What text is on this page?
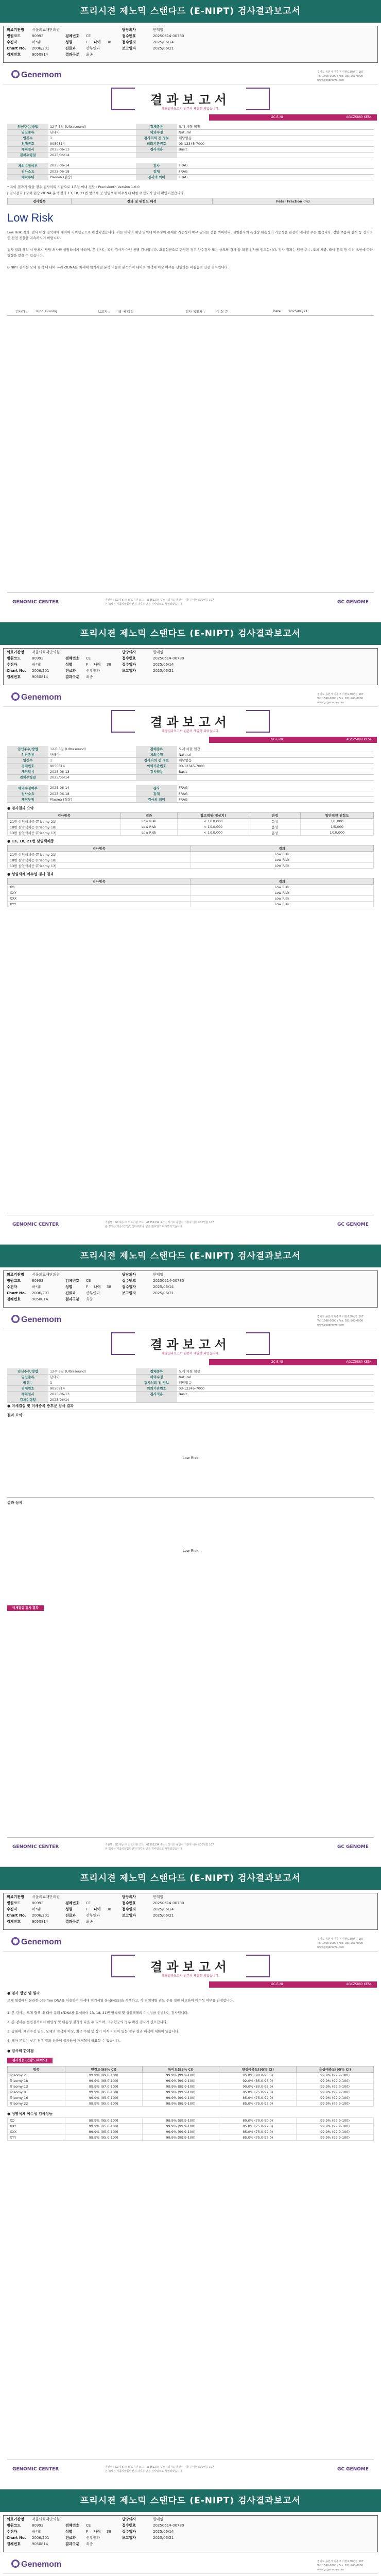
프리시젼 제노믹 스탠다드 (E-NIPT) 검사결과보고서
의료기관명 서울의료재단의원	담당의사	한태임
병원코드	80992	검체번호 CE	접수번호	20250614-00780
수진자	허*웨	성별	F 나이 38	접수일자	2025/06/14
Chart No. 2006/201	진료과	산부인과	보고일자	2025/06/21
검체번호	9050814	결과구분 최종
Genemom	경기도 용인시 기흥구 이현로30번길 107
Tel. 1566-0000 / Fax. 031-260-0900
www.gcgenome.com
결과보고서
해당결과보고서 원본이 재발행 되었습니다.
GC-E-NI	AGCZ5880 KE54
GENOMIC CENTER	기관명 : GC지놈 ㈜ 의료기관 코드 : 41351234 주소 : 경기도 용인시 기흥구 이현로30번길 107
본 검사는 식품의약품안전처 허가를 받은 검사법으로 시행되었습니다.	GC GENOME
임신주수/방법	12주 3일 (Ultrasound)	검체종류	모계 채혈 혈장
임신종류	단태아	체외수정	Natural
임신수	1	검사의뢰 전 정보	해당없음
검체번호	9050814	의뢰기관번호	03-12345-7000
채취일시	2025-06-13	검사적용	Basic
검체수령일	2025/06/14		
체외수정여부	2025-06-14	검사	FRAG
검사소요	2025-06-18	검체	FRAG
체취부위	Plasma (혈장)	검사의 의미	FRAG
* 특이 결과가 있을 경우 검사의뢰 기관으로 1주일 이내 전달 : Precisionth Version 1.0.0
[ 검사결과 ] 모체 혈장 cfDNA 분석 결과 13, 18, 21번 염색체 및 성염색체 이수성에 대한 위험도가 낮게 확인되었습니다.
검사항목	결과 및 위험도 해석	Fetal Fraction (%)
Low Risk
Low Risk 결과: 검사 대상 염색체에 대하여 저위험군으로 판정되었습니다. 이는 태아의 해당 염색체 이수성이 존재할 가능성이 매우 낮다는 것을 의미하나, 선별검사의 특성상 위음성의 가능성을 완전히 배제할 수는 없습니다. 정밀 초음파 검사 등 정기적인 산전 진찰을 지속하시기 바랍니다.
검사 결과 해석 시 반드시 담당 의사와 상담하시기 바라며, 본 검사는 확진 검사가 아닌 선별 검사입니다. 고위험군으로 판정된 경우 양수검사 또는 융모막 검사 등 확진 검사를 권고합니다. 검사 결과는 임신 주수, 모체 체중, 태아 분획 등 여러 요인에 따라 영향을 받을 수 있습니다.
E-NIPT 검사는 모체 혈액 내 태아 유래 cfDNA를 차세대 염기서열 분석 기술로 분석하여 태아의 염색체 이상 여부를 선별하는 비침습적 산전 검사입니다.
검사자 :	Xing Xiuxing	보고자 :	박 에 다정	검사 책임자 :	이 상 준	Date : 2025/06/21
프리시젼 제노믹 스탠다드 (E-NIPT) 검사결과보고서
의료기관명 서울의료재단의원	담당의사	한태임
병원코드	80992	검체번호 CE	접수번호	20250614-00780
수진자	허*웨	성별	F 나이 38	접수일자	2025/06/14
Chart No. 2006/201	진료과	산부인과	보고일자	2025/06/21
검체번호	9050814	결과구분 최종
Genemom	경기도 용인시 기흥구 이현로30번길 107
Tel. 1566-0000 / Fax. 031-260-0900
www.gcgenome.com
결과보고서
해당결과보고서 원본이 재발행 되었습니다.
GC-E-NI	AGCZ5880 KE54
GENOMIC CENTER	기관명 : GC지놈 ㈜ 의료기관 코드 : 41351234 주소 : 경기도 용인시 기흥구 이현로30번길 107
본 검사는 식품의약품안전처 허가를 받은 검사법으로 시행되었습니다.	GC GENOME
임신주수/방법	12주 3일 (Ultrasound)	검체종류	모계 채혈 혈장
임신종류	단태아	체외수정	Natural
임신수	1	검사의뢰 전 정보	해당없음
검체번호	9050814	의뢰기관번호	03-12345-7000
채취일시	2025-06-13	검사적용	Basic
검체수령일	2025/06/14		
체외수정여부	2025-06-14	검사	FRAG
검사소요	2025-06-18	검체	FRAG
체취부위	Plasma (혈장)	검사의 의미	FRAG
● 검사결과 요약
검사항목	결과	참고범위(정상치)	판정	일반적인 위험도
21번 삼염색체증 (Trisomy 21)	Low Risk	< 1/10,000	음성	1/1,000
18번 삼염색체증 (Trisomy 18)	Low Risk	< 1/10,000	음성	1/5,000
13번 삼염색체증 (Trisomy 13)	Low Risk	< 1/10,000	음성	1/10,000
● 13, 18, 21번 삼염색체증
검사항목	결과
21번 삼염색체증 (Trisomy 21)	Low Risk
18번 삼염색체증 (Trisomy 18)	Low Risk
13번 삼염색체증 (Trisomy 13)	Low Risk
● 성염색체 이수성 검사 결과
검사항목	결과
XO	Low Risk
XXY	Low Risk
XXX	Low Risk
XYY	Low Risk
프리시젼 제노믹 스탠다드 (E-NIPT) 검사결과보고서
의료기관명 서울의료재단의원	담당의사	한태임
병원코드	80992	검체번호 CE	접수번호	20250614-00780
수진자	허*웨	성별	F 나이 38	접수일자	2025/06/14
Chart No. 2006/201	진료과	산부인과	보고일자	2025/06/21
검체번호	9050814	결과구분 최종
Genemom	경기도 용인시 기흥구 이현로30번길 107
Tel. 1566-0000 / Fax. 031-260-0900
www.gcgenome.com
결과보고서
해당결과보고서 원본이 재발행 되었습니다.
GC-E-NI	AGCZ5880 KE54
GENOMIC CENTER	기관명 : GC지놈 ㈜ 의료기관 코드 : 41351234 주소 : 경기도 용인시 기흥구 이현로30번길 107
본 검사는 식품의약품안전처 허가를 받은 검사법으로 시행되었습니다.	GC GENOME
임신주수/방법	12주 3일 (Ultrasound)	검체종류	모계 채혈 혈장
임신종류	단태아	체외수정	Natural
임신수	1	검사의뢰 전 정보	해당없음
검체번호	9050814	의뢰기관번호	03-12345-7000
채취일시	2025-06-13	검사적용	Basic
검체수령일	2025/06/14		
● 미세결실 및 미세중복 증후군 검사 결과
결과 요약
Low Risk
결과 상세
Low Risk
미세결실 검사 결과
프리시젼 제노믹 스탠다드 (E-NIPT) 검사결과보고서
의료기관명 서울의료재단의원	담당의사	한태임
병원코드	80992	검체번호 CE	접수번호	20250614-00780
수진자	허*웨	성별	F 나이 38	접수일자	2025/06/14
Chart No. 2006/201	진료과	산부인과	보고일자	2025/06/21
검체번호	9050814	결과구분 최종
Genemom	경기도 용인시 기흥구 이현로30번길 107
Tel. 1566-0000 / Fax. 031-260-0900
www.gcgenome.com
결과보고서
해당결과보고서 원본이 재발행 되었습니다.
GC-E-NI	AGCZ5880 KE54
GENOMIC CENTER	기관명 : GC지놈 ㈜ 의료기관 코드 : 41351234 주소 : 경기도 용인시 기흥구 이현로30번길 107
본 검사는 식품의약품안전처 허가를 받은 검사법으로 시행되었습니다.	GC GENOME
● 검사 방법 및 원리
모체 혈장에서 분리한 cell-free DNA를 이용하여 차세대 염기서열 분석(NGS)을 시행하고, 각 염색체별 리드 수를 정량 비교하여 이수성 여부를 판정합니다.
1. 본 검사는 모체 혈액 내 태아 유래 cfDNA를 분석하여 13, 18, 21번 염색체 및 성염색체의 이수성을 선별하는 검사입니다.
2. 본 검사는 선별검사로서 위양성 및 위음성 결과가 나올 수 있으며, 고위험군의 경우 확진 검사가 필요합니다.
3. 쌍태아, 체외수정 임신, 모체의 염색체 이상, 최근 수혈 및 장기 이식 이력이 있는 경우 결과 해석에 제한이 있습니다.
4. 태아 분획이 낮은 경우 결과 산출이 불가하여 재채혈이 필요할 수 있습니다.
● 검사의 한계점
검사성능 (민감도/특이도)
항목	민감도(95% CI)	특이도(95% CI)	양성예측도(95% CI)	음성예측도(95% CI)
Trisomy 21	99.9% (99.0-100)	99.9% (99.9-100)	95.0% (90.0-98.0)	99.9% (99.9-100)
Trisomy 18	99.9% (98.0-100)	99.9% (99.9-100)	92.0% (85.0-96.0)	99.9% (99.9-100)
Trisomy 13	99.9% (97.0-100)	99.9% (99.9-100)	90.0% (80.0-95.0)	99.9% (99.9-100)
Trisomy 9	99.9% (95.0-100)	99.9% (99.9-100)	85.0% (75.0-92.0)	99.9% (99.9-100)
Trisomy 16	99.9% (95.0-100)	99.9% (99.9-100)	85.0% (75.0-92.0)	99.9% (99.9-100)
Trisomy 22	99.9% (95.0-100)	99.9% (99.9-100)	85.0% (75.0-92.0)	99.9% (99.9-100)
● 성염색체 이수성 검사성능
XO	99.9% (95.0-100)	99.9% (99.9-100)	80.0% (70.0-90.0)	99.9% (99.9-100)
XXY	99.9% (95.0-100)	99.9% (99.9-100)	85.0% (75.0-92.0)	99.9% (99.9-100)
XXX	99.9% (95.0-100)	99.9% (99.9-100)	85.0% (75.0-92.0)	99.9% (99.9-100)
XYY	99.9% (95.0-100)	99.9% (99.9-100)	85.0% (75.0-92.0)	99.9% (99.9-100)
프리시젼 제노믹 스탠다드 (E-NIPT) 검사결과보고서
의료기관명 서울의료재단의원	담당의사	한태임
병원코드	80992	검체번호 CE	접수번호	20250614-00780
수진자	허*웨	성별	F 나이 38	접수일자	2025/06/14
Chart No. 2006/201	진료과	산부인과	보고일자	2025/06/21
검체번호	9050814	결과구분 최종
Genemom	경기도 용인시 기흥구 이현로30번길 107
Tel. 1566-0000 / Fax. 031-260-0900
www.gcgenome.com
